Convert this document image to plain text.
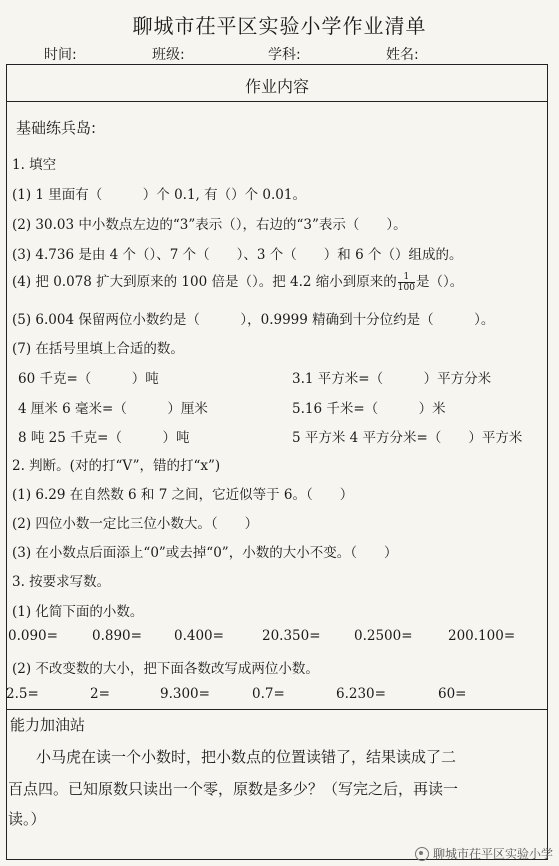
聊城市茌平区实验小学作业清单
时间:	班级:	学科:	姓名:
作业内容
基础练兵岛:
1. 填空
(1) 1 里面有（　　　）个 0.1, 有（）个 0.01。
(2) 30.03 中小数点左边的“3”表示（），右边的“3”表示（　　）。
(3) 4.736 是由 4 个（）、7 个（　　）、3 个（　　）和 6 个（）组成的。
(4) 把 0.078 扩大到原来的 100 倍是（）。把 4.2 缩小到原来的 $\frac{1}{100}$ 是（）。
(5) 6.004 保留两位小数约是（　　　），0.9999 精确到十分位约是（　　　）。
(7) 在括号里填上合适的数。
60 千克=（　　　）吨	3.1 平方米=（　　　）平方分米
4 厘米 6 毫米=（　　　）厘米	5.16 千米=（　　　）米
8 吨 25 千克=（　　　）吨	5 平方米 4 平方分米=（　　）平方米
2. 判断。(对的打“V”，错的打“x”)
(1) 6.29 在自然数 6 和 7 之间，它近似等于 6。（　　）
(2) 四位小数一定比三位小数大。（　　）
(3) 在小数点后面添上“0”或去掉“0”，小数的大小不变。（　　）
3. 按要求写数。
(1) 化简下面的小数。
0.090=	0.890= 0.400=	20.350= 0.2500=	200.100=
(2) 不改变数的大小，把下面各数改写成两位小数。
2.5=	2=	9.300=	0.7=	6.230=	60=
能力加油站
小马虎在读一个小数时，把小数点的位置读错了，结果读成了二
百点四。已知原数只读出一个零，原数是多少？（写完之后，再读一
读。）
聊城市茌平区实验小学
